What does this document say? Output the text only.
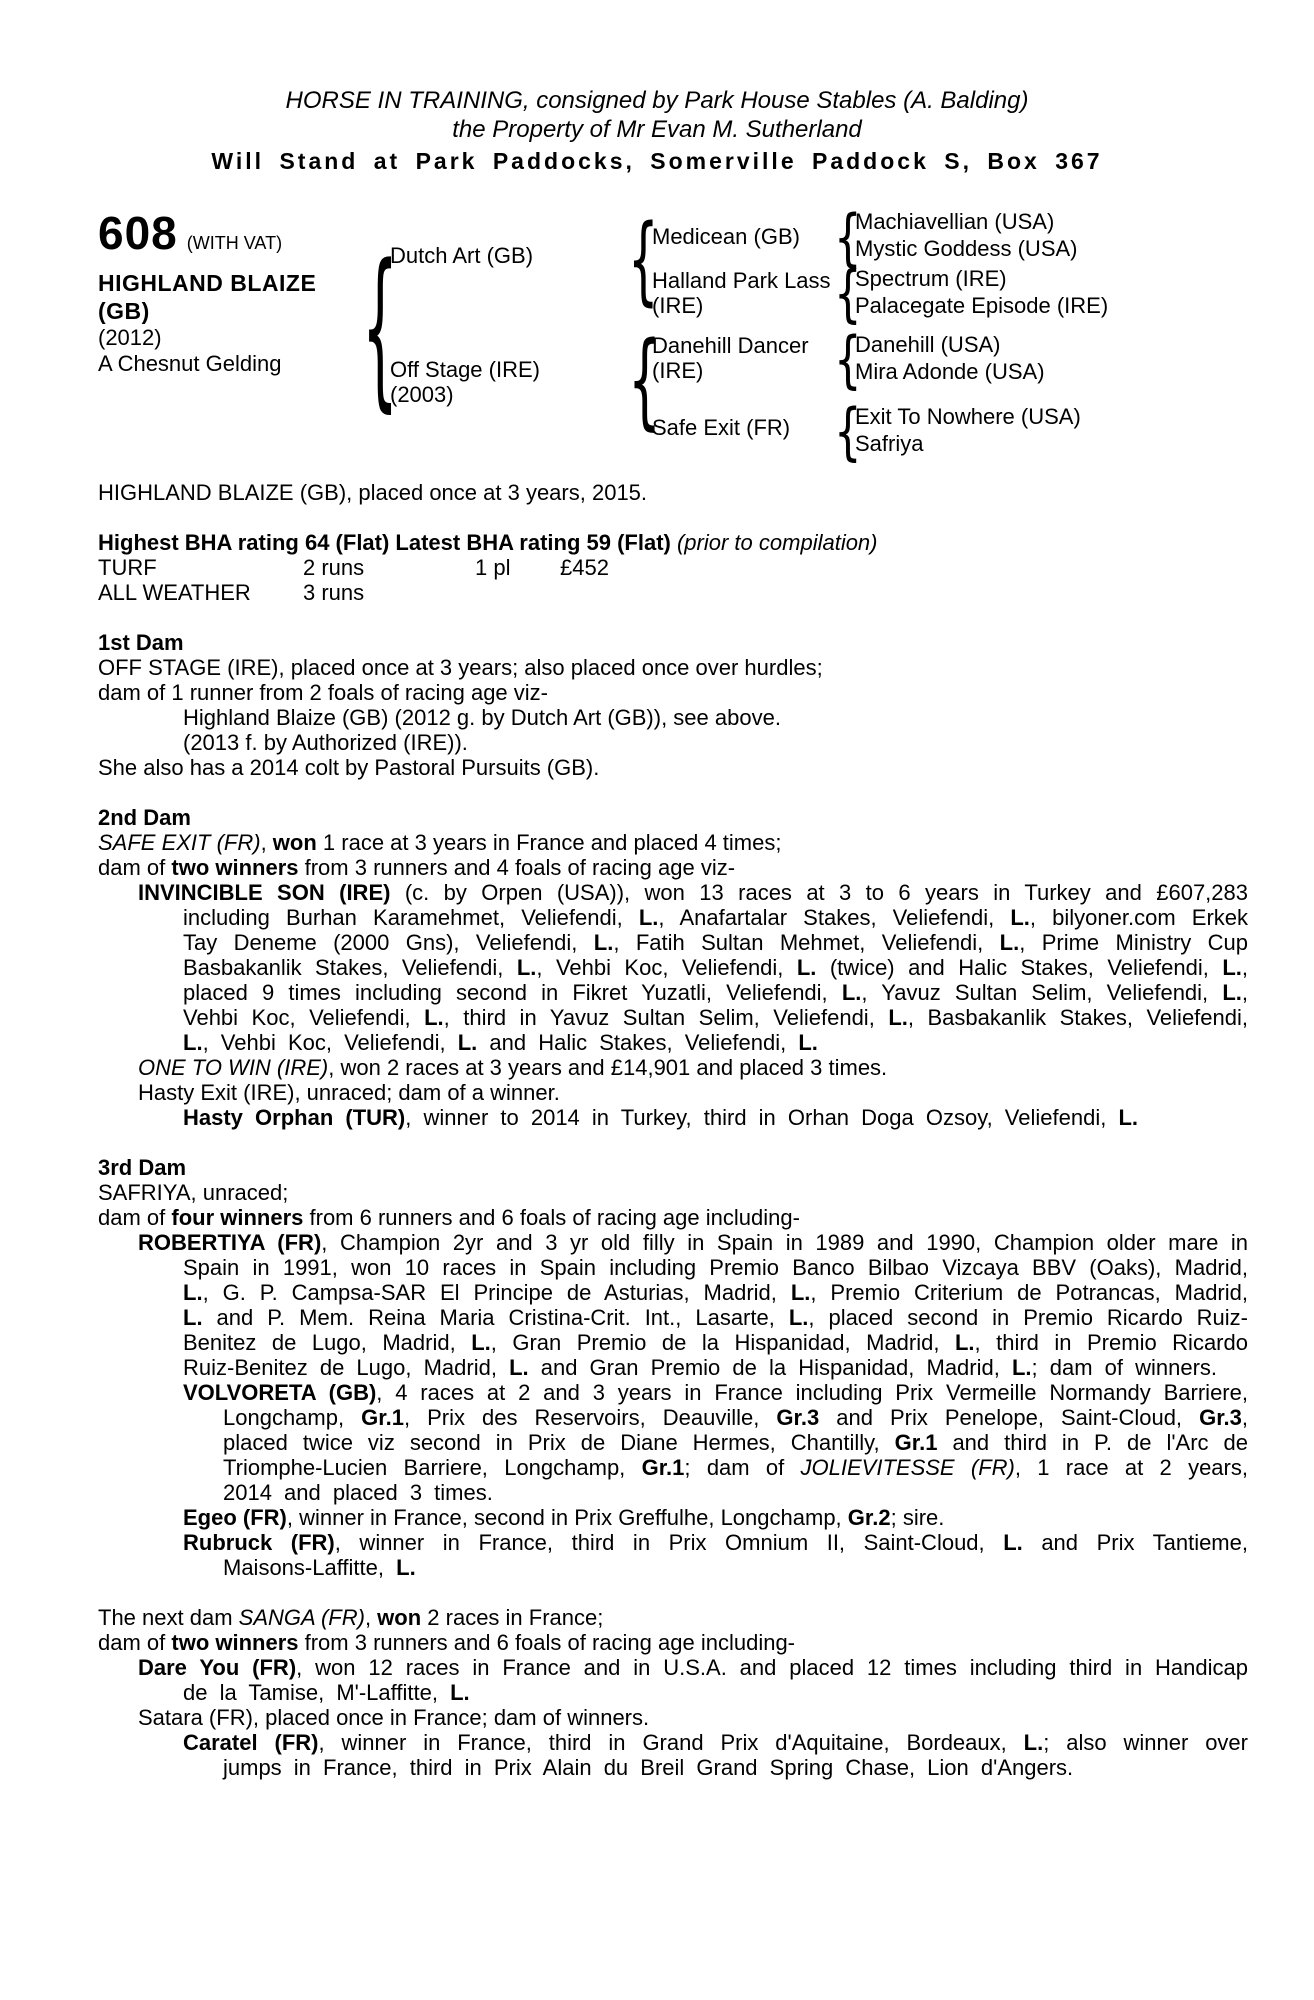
HORSE IN TRAINING, consigned by Park House Stables (A. Balding)
the Property of Mr Evan M. Sutherland
Will Stand at Park Paddocks, Somerville Paddock S, Box 367
608 (WITH VAT)
HIGHLAND BLAIZE
(GB)
(2012)
A Chesnut Gelding
{
{
{
{
{
{
{
Dutch Art (GB)
Off Stage (IRE)
(2003)
Medicean (GB)
Halland Park Lass (IRE)
Danehill Dancer (IRE)
Safe Exit (FR)
Machiavellian (USA)
Mystic Goddess (USA)
Spectrum (IRE)
Palacegate Episode (IRE)
Danehill (USA)
Mira Adonde (USA)
Exit To Nowhere (USA)
Safriya

HIGHLAND BLAIZE (GB), placed once at 3 years, 2015.

Highest BHA rating 64 (Flat) Latest BHA rating 59 (Flat) (prior to compilation)

TURF	2 runs	1 pl £452
ALL WEATHER 3 runs
1st Dam

OFF STAGE (IRE), placed once at 3 years; also placed once over hurdles;

dam of 1 runner from 2 foals of racing age viz-

Highland Blaize (GB) (2012 g. by Dutch Art (GB)), see above.

(2013 f. by Authorized (IRE)).

She also has a 2014 colt by Pastoral Pursuits (GB).

2nd Dam

SAFE EXIT (FR), won 1 race at 3 years in France and placed 4 times;

dam of two winners from 3 runners and 4 foals of racing age viz-

INVINCIBLE SON (IRE) (c. by Orpen (USA)), won 13 races at 3 to 6 years in Turkey and £607,283 including Burhan Karamehmet, Veliefendi, L., Anafartalar Stakes, Veliefendi, L., bilyoner.com Erkek Tay Deneme (2000 Gns), Veliefendi, L., Fatih Sultan Mehmet, Veliefendi, L., Prime Ministry Cup Basbakanlik Stakes, Veliefendi, L., Vehbi Koc, Veliefendi, L. (twice) and Halic Stakes, Veliefendi, L., placed 9 times including second in Fikret Yuzatli, Veliefendi, L., Yavuz Sultan Selim, Veliefendi, L., Vehbi Koc, Veliefendi, L., third in Yavuz Sultan Selim, Veliefendi, L., Basbakanlik Stakes, Veliefendi, L., Vehbi Koc, Veliefendi, L. and Halic Stakes, Veliefendi, L.

ONE TO WIN (IRE), won 2 races at 3 years and £14,901 and placed 3 times.

Hasty Exit (IRE), unraced; dam of a winner.

Hasty Orphan (TUR), winner to 2014 in Turkey, third in Orhan Doga Ozsoy, Veliefendi, L.

3rd Dam

SAFRIYA, unraced;

dam of four winners from 6 runners and 6 foals of racing age including-

ROBERTIYA (FR), Champion 2yr and 3 yr old filly in Spain in 1989 and 1990, Champion older mare in Spain in 1991, won 10 races in Spain including Premio Banco Bilbao Vizcaya BBV (Oaks), Madrid, L., G. P. Campsa-SAR El Principe de Asturias, Madrid, L., Premio Criterium de Potrancas, Madrid, L. and P. Mem. Reina Maria Cristina-Crit. Int., Lasarte, L., placed second in Premio Ricardo Ruiz-Benitez de Lugo, Madrid, L., Gran Premio de la Hispanidad, Madrid, L., third in Premio Ricardo Ruiz-Benitez de Lugo, Madrid, L. and Gran Premio de la Hispanidad, Madrid, L.; dam of winners.

VOLVORETA (GB), 4 races at 2 and 3 years in France including Prix Vermeille Normandy Barriere, Longchamp, Gr.1, Prix des Reservoirs, Deauville, Gr.3 and Prix Penelope, Saint-Cloud, Gr.3, placed twice viz second in Prix de Diane Hermes, Chantilly, Gr.1 and third in P. de l'Arc de Triomphe-Lucien Barriere, Longchamp, Gr.1; dam of JOLIEVITESSE (FR), 1 race at 2 years, 2014 and placed 3 times.

Egeo (FR), winner in France, second in Prix Greffulhe, Longchamp, Gr.2; sire.

Rubruck (FR), winner in France, third in Prix Omnium II, Saint-Cloud, L. and Prix Tantieme, Maisons-Laffitte, L.

The next dam SANGA (FR), won 2 races in France;

dam of two winners from 3 runners and 6 foals of racing age including-

Dare You (FR), won 12 races in France and in U.S.A. and placed 12 times including third in Handicap de la Tamise, M'-Laffitte, L.

Satara (FR), placed once in France; dam of winners.

Caratel (FR), winner in France, third in Grand Prix d'Aquitaine, Bordeaux, L.; also winner over jumps in France, third in Prix Alain du Breil Grand Spring Chase, Lion d'Angers.
